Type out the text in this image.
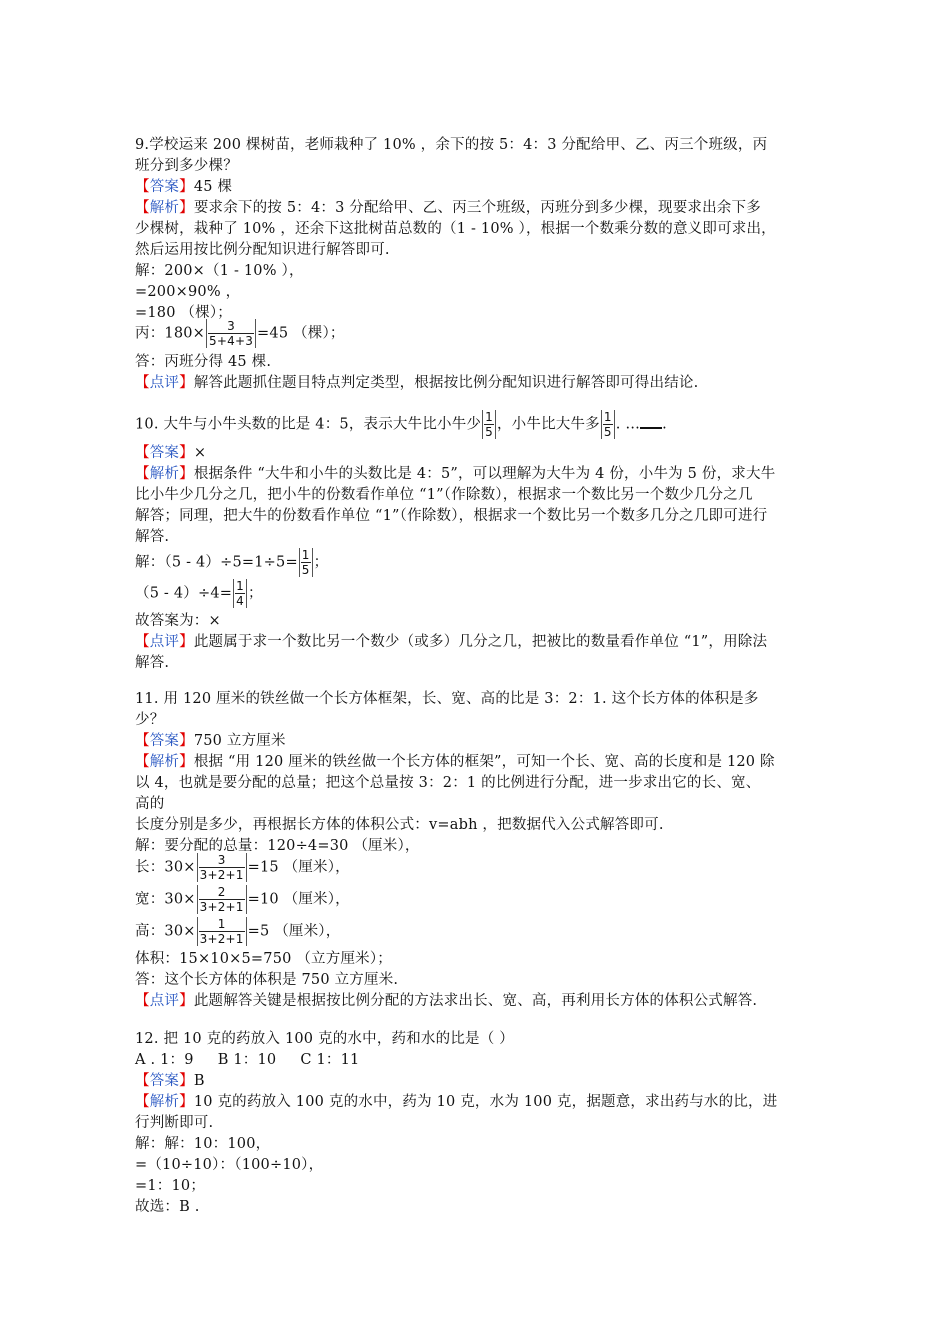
9.学校运来 200 棵树苗，老师栽种了 10% ，余下的按 5：4：3 分配给甲、乙、丙三个班级，丙
班分到多少棵？
【答案】45 棵
【解析】要求余下的按 5：4：3 分配给甲、乙、丙三个班级，丙班分到多少棵，现要求出余下多
少棵树，栽种了 10% ，还余下这批树苗总数的（1 - 10% ），根据一个数乘分数的意义即可求出，
然后运用按比例分配知识进行解答即可.
解：200×（1 - 10% ），
=200×90% ，
=180 （棵）；
丙：$180\times \frac{3}{5+4+3} =45$ （棵）；
答：丙班分得 45 棵.
【点评】解答此题抓住题目特点判定类型，根据按比例分配知识进行解答即可得出结论.
10. 大牛与小牛头数的比是 4：5，表示大牛比小牛少 $\frac{1}{5}$ ，小牛比大牛多 $\frac{1}{5}$ . … .
【答案】×
【解析】根据条件 “大牛和小牛的头数比是 4：5”，可以理解为大牛为 4 份，小牛为 5 份，求大牛
比小牛少几分之几，把小牛的份数看作单位 “1”（作除数），根据求一个数比另一个数少几分之几
解答；同理，把大牛的份数看作单位 “1”（作除数），根据求一个数比另一个数多几分之几即可进行
解答.
解：$(5 - 4)\div 5=1\div 5= \frac{1}{5}$ ；
$(5 - 4)\div 4= \frac{1}{4}$ ；
故答案为：×
【点评】此题属于求一个数比另一个数少（或多）几分之几，把被比的数量看作单位 “1”，用除法
解答.
11. 用 120 厘米的铁丝做一个长方体框架，长、宽、高的比是 3：2：1. 这个长方体的体积是多
少？
【答案】750 立方厘米
【解析】根据 “用 120 厘米的铁丝做一个长方体的框架”，可知一个长、宽、高的长度和是 120 除
以 4，也就是要分配的总量；把这个总量按 3：2：1 的比例进行分配，进一步求出它的长、宽、
高的
长度分别是多少，再根据长方体的体积公式：v=abh ，把数据代入公式解答即可.
解：要分配的总量：120÷4=30 （厘米），
长：$30\times \frac{3}{3+2+1} =15$ （厘米），
宽：$30\times \frac{2}{3+2+1} =10$ （厘米），
高：$30\times \frac{1}{3+2+1} =5$ （厘米），
体积：15×10×5=750 （立方厘米）；
答：这个长方体的体积是 750 立方厘米.
【点评】此题解答关键是根据按比例分配的方法求出长、宽、高，再利用长方体的体积公式解答.
12. 把 10 克的药放入 100 克的水中，药和水的比是（ ）
A . 1：9     B 1：10     C 1：11
【答案】B
【解析】10 克的药放入 100 克的水中，药为 10 克，水为 100 克，据题意，求出药与水的比，进
行判断即可.
解：解：10：100，
=（10÷10）：（100÷10），
=1：10；
故选：B .
